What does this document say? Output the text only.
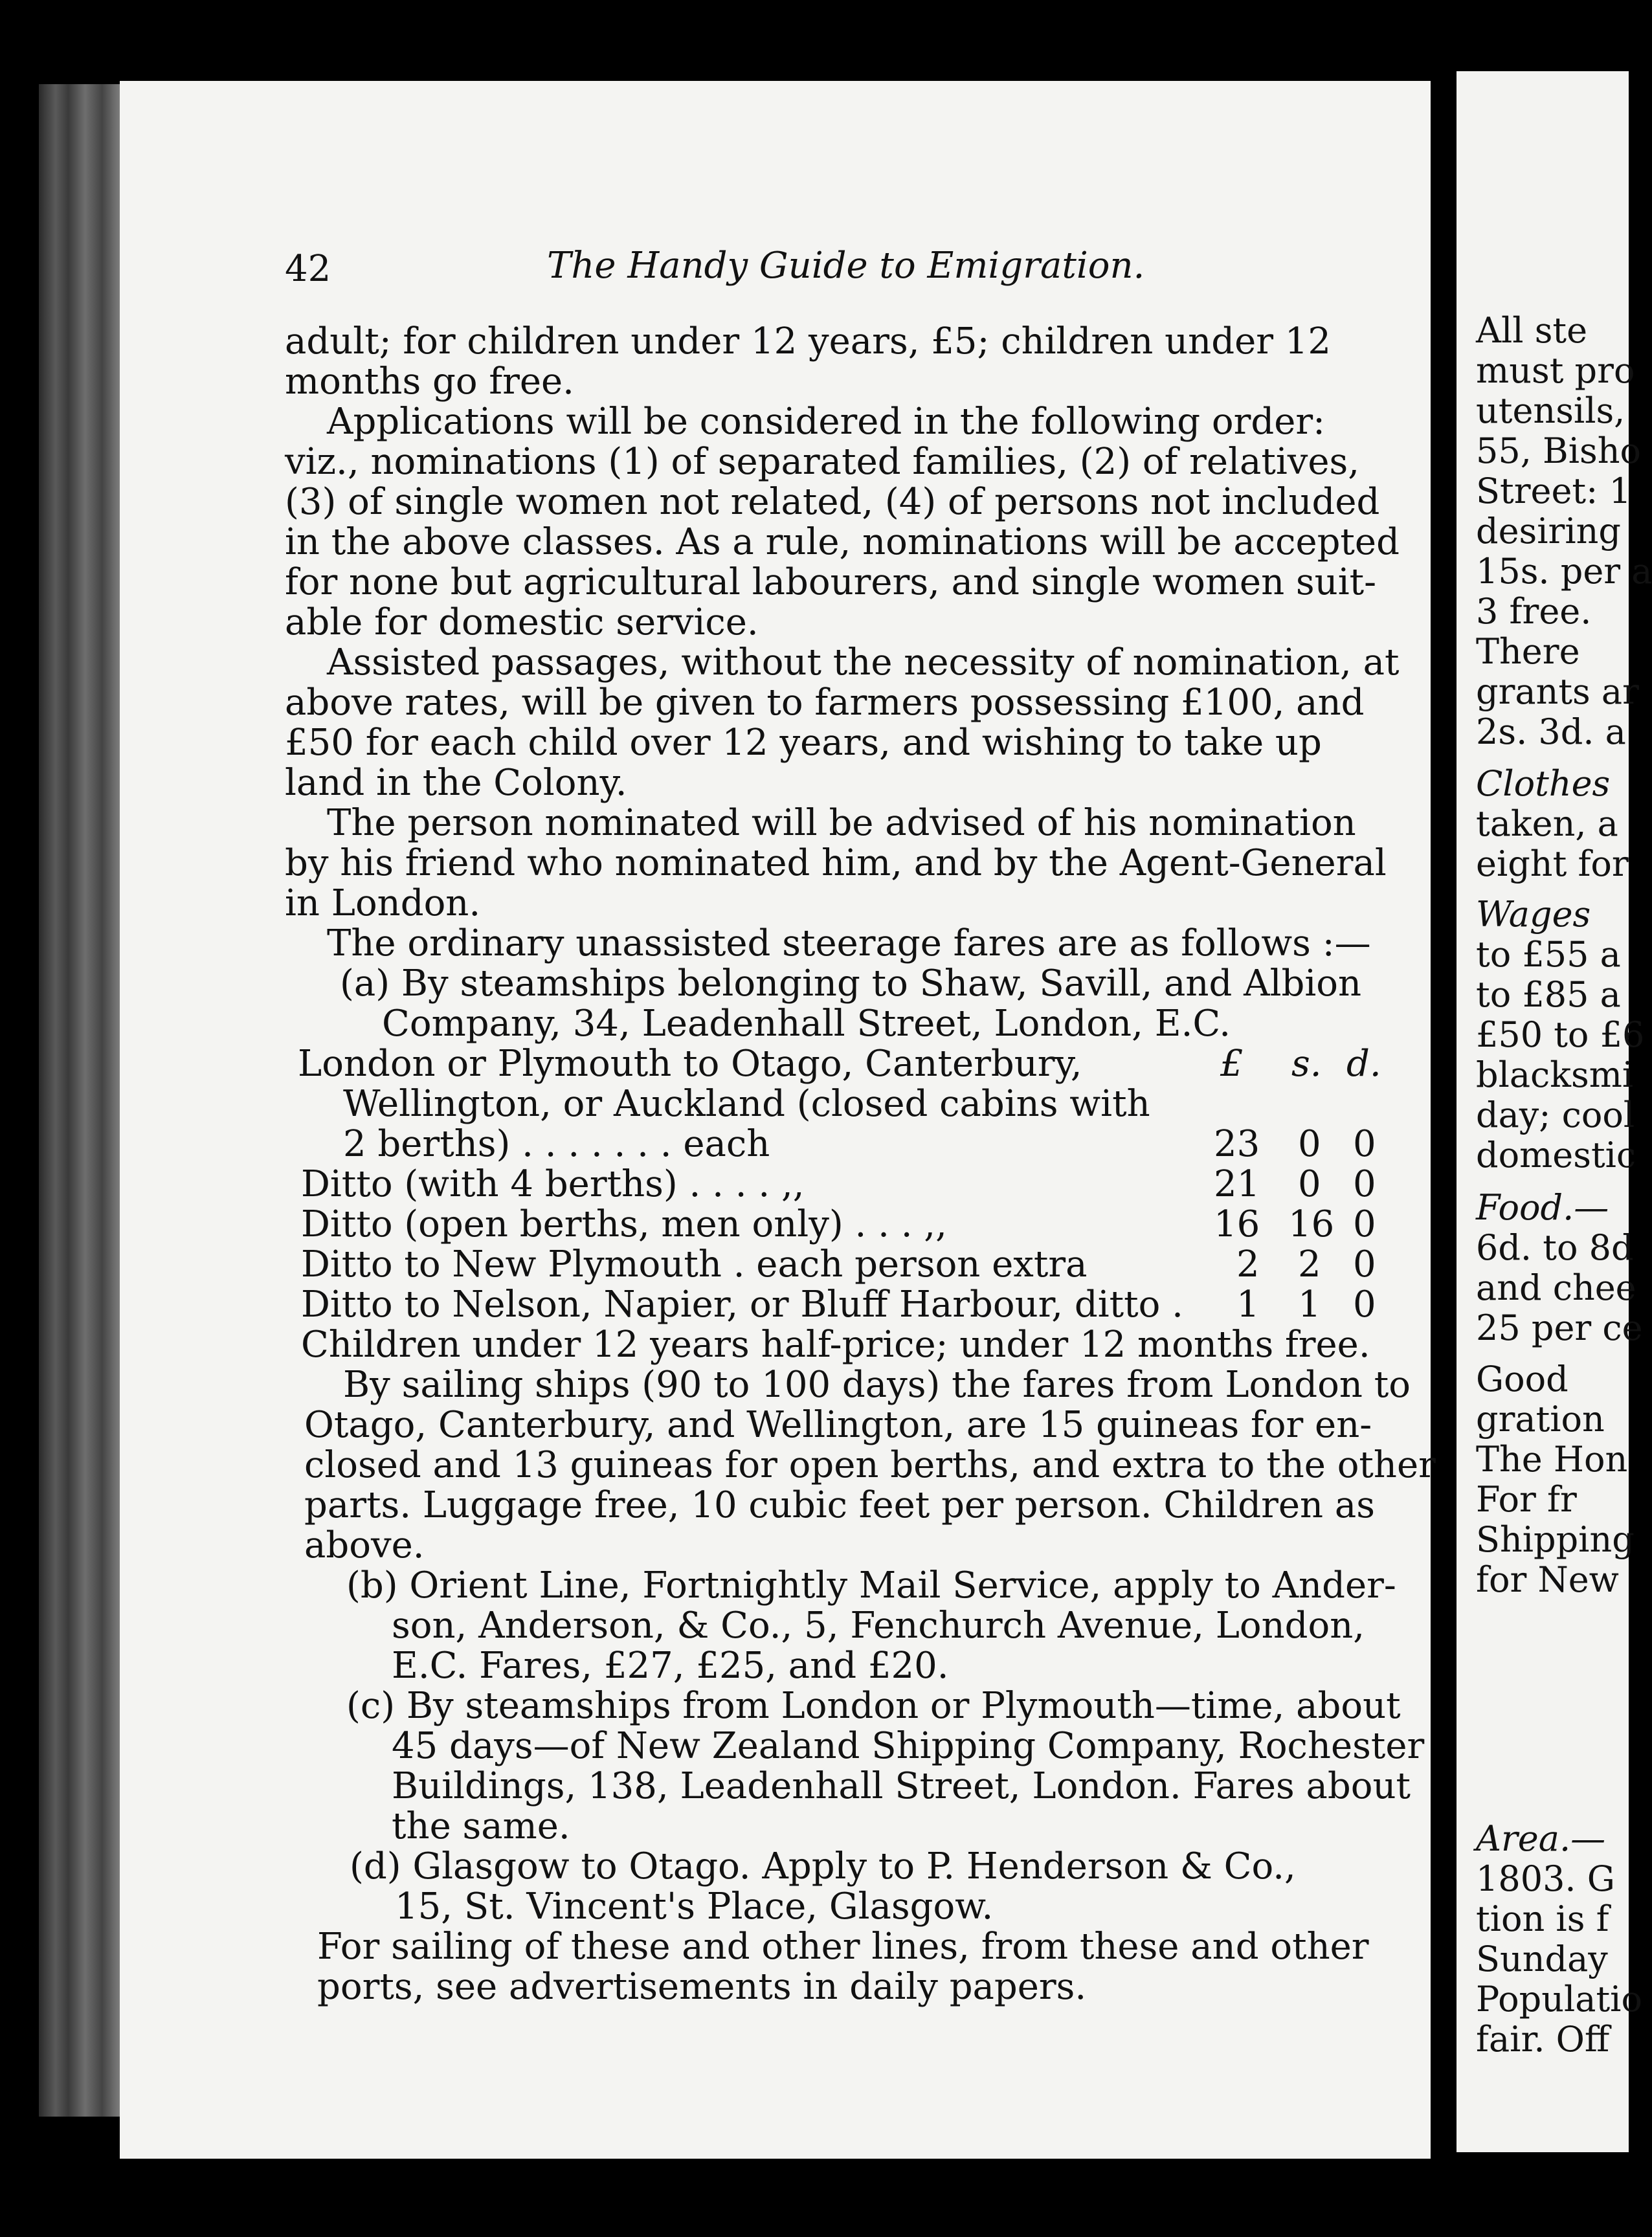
42	The Handy Guide to Emigration.
adult; for children under 12 years, £5; children under 12
months go free.
Applications will be considered in the following order:
viz., nominations (1) of separated families, (2) of relatives,
(3) of single women not related, (4) of persons not included
in the above classes. As a rule, nominations will be accepted
for none but agricultural labourers, and single women suit-
able for domestic service.
Assisted passages, without the necessity of nomination, at
above rates, will be given to farmers possessing £100, and
£50 for each child over 12 years, and wishing to take up
land in the Colony.
The person nominated will be advised of his nomination
by his friend who nominated him, and by the Agent-General
in London.
The ordinary unassisted steerage fares are as follows :—
(a) By steamships belonging to Shaw, Savill, and Albion
Company, 34, Leadenhall Street, London, E.C.
London or Plymouth to Otago, Canterbury,
Wellington, or Auckland (closed cabins with
2 berths) . . . . . . . each
Ditto (with 4 berths) . . . . ,,
Ditto (open berths, men only) . . . ,,
Ditto to New Plymouth . each person extra
Ditto to Nelson, Napier, or Bluff Harbour, ditto .
£ s. d.
23 0 0
21 0 0
16 16 0
2 2 0
1 1 0
Children under 12 years half-price; under 12 months free.
By sailing ships (90 to 100 days) the fares from London to
Otago, Canterbury, and Wellington, are 15 guineas for en-
closed and 13 guineas for open berths, and extra to the other
parts. Luggage free, 10 cubic feet per person. Children as
above.
(b) Orient Line, Fortnightly Mail Service, apply to Ander-
son, Anderson, & Co., 5, Fenchurch Avenue, London,
E.C. Fares, £27, £25, and £20.
(c) By steamships from London or Plymouth—time, about
45 days—of New Zealand Shipping Company, Rochester
Buildings, 138, Leadenhall Street, London. Fares about
the same.
(d) Glasgow to Otago. Apply to P. Henderson & Co.,
15, St. Vincent's Place, Glasgow.
For sailing of these and other lines, from these and other
ports, see advertisements in daily papers.
All ste
must pro
utensils,
55, Bisho
Street: 1
desiring
15s. per a
3 free.
There
grants ar
2s. 3d. a
Clothes
taken, a
eight for
Wages
to £55 a
to £85 a
£50 to £6
blacksmi
day; cool
domestic
Food.—
6d. to 8d
and chee
25 per ce
Good
gration
The Hon
For fr
Shipping
for New
Area.—
1803. G
tion is f
Sunday
Populatio
fair. Off
